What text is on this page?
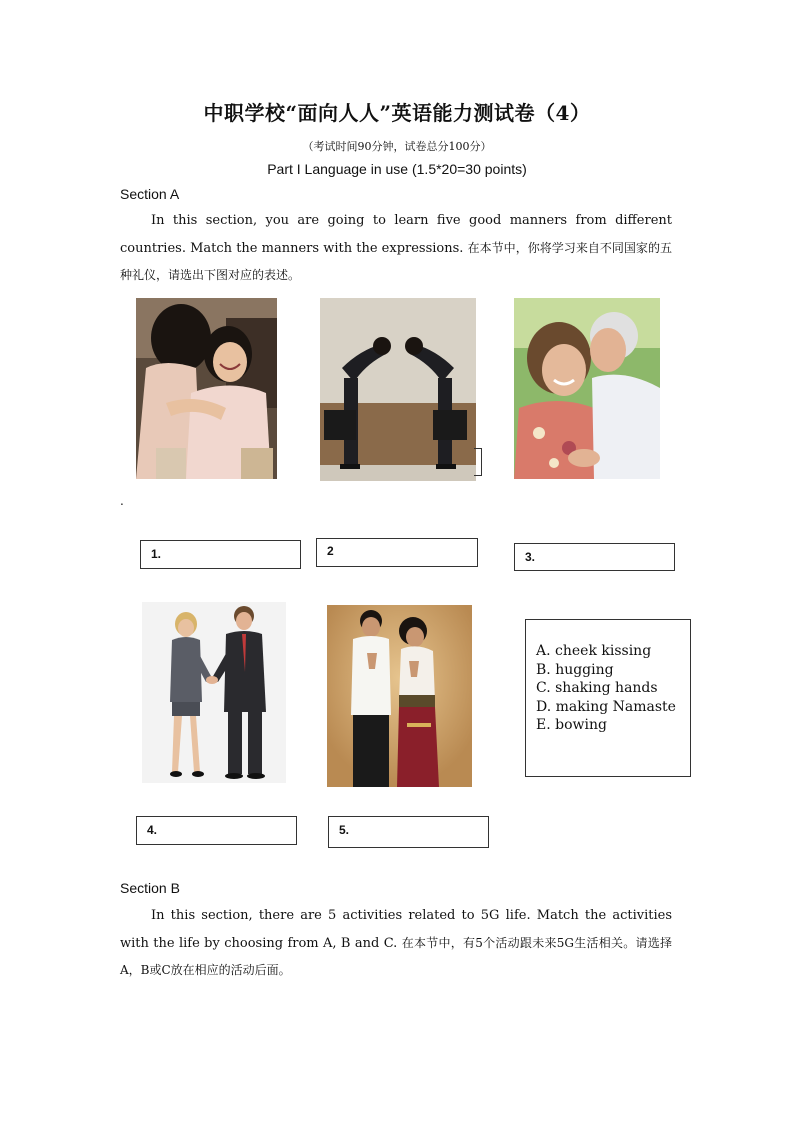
中职学校“面向人人”英语能力测试卷（4）
（考试时间90分钟，试卷总分100分）
Part I Language in use (1.5*20=30 points)
Section A
In this section, you are going to learn five good manners from different countries. Match the manners with the expressions. 在本节中，你将学习来自不同国家的五种礼仪，请选出下图对应的表述。
.
1.	2	3.
A. cheek kissing
B. hugging
C. shaking hands
D. making Namaste
E. bowing
4.	5.
Section B
In this section, there are 5 activities related to 5G life. Match the activities with the life by choosing from A, B and C. 在本节中，有5个活动跟未来5G生活相关。请选择A，B或C放在相应的活动后面。
